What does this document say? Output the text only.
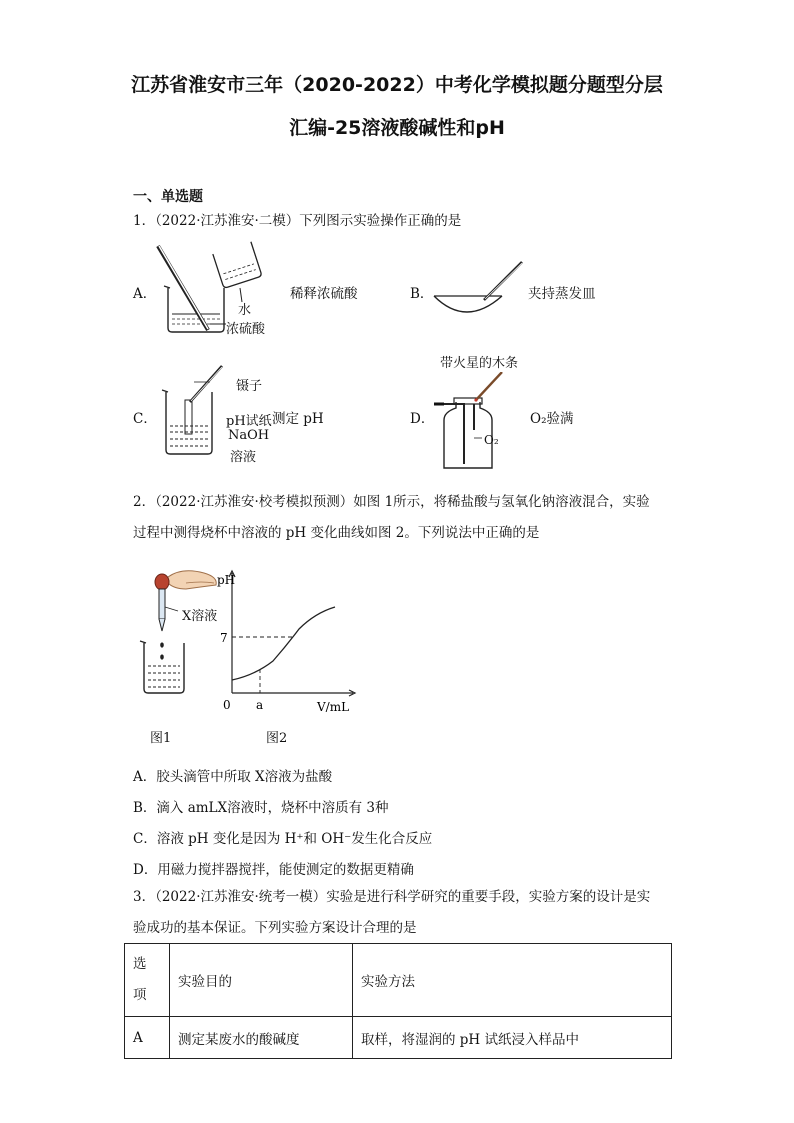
江苏省淮安市三年（2020-2022）中考化学模拟题分题型分层
汇编-25溶液酸碱性和pH
一、单选题
1．（2022·江苏淮安·二模）下列图示实验操作正确的是
A．
水
浓硫酸
稀释浓硫酸	B．	夹持蒸发皿
C．
镊子
pH试纸
NaOH
溶液
测定 pH
带火星的木条
D．
O₂
O₂验满
2．（2022·江苏淮安·校考模拟预测）如图 1所示，将稀盐酸与氢氧化钠溶液混合，实验
过程中测得烧杯中溶液的 pH 变化曲线如图 2。下列说法中正确的是
X溶液
pH
7
0 a	V/mL
图1	图2
A．胶头滴管中所取 X溶液为盐酸
B．滴入 amLX溶液时，烧杯中溶质有 3种
C．溶液 pH 变化是因为 H⁺和 OH⁻发生化合反应
D．用磁力搅拌器搅拌，能使测定的数据更精确
3．（2022·江苏淮安·统考一模）实验是进行科学研究的重要手段，实验方案的设计是实
验成功的基本保证。下列实验方案设计合理的是
选
项	实验目的	实验方法
A	测定某废水的酸碱度	取样，将湿润的 pH 试纸浸入样品中
